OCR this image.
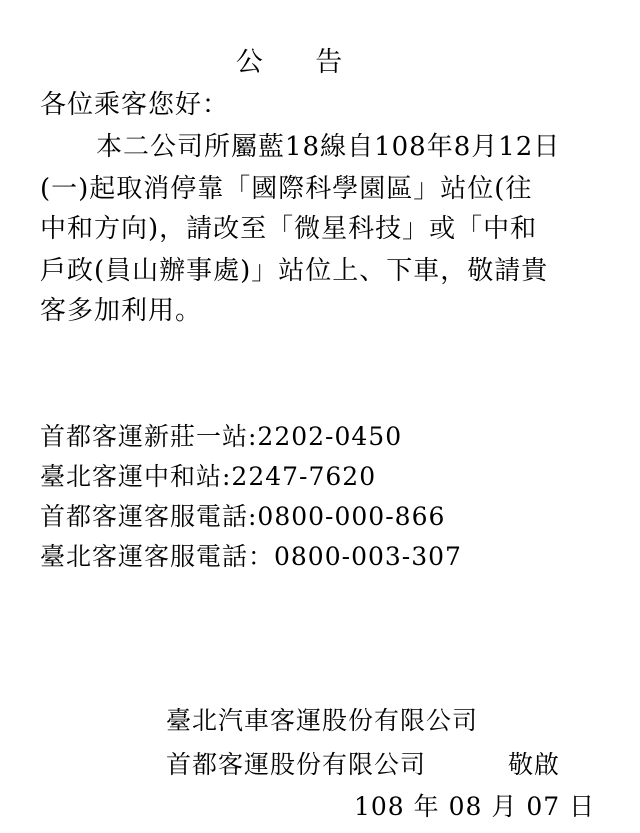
公 告
各位乘客您好：
本二公司所屬藍18線自108年8月12日
(一)起取消停靠「國際科學園區」站位(往
中和方向)，請改至「微星科技」或「中和
戶政(員山辦事處)」站位上、下車，敬請貴
客多加利用。
首都客運新莊一站:2202-0450
臺北客運中和站:2247-7620
首都客運客服電話:0800-000-866
臺北客運客服電話：0800-003-307
臺北汽車客運股份有限公司
首都客運股份有限公司	敬啟
108 年 08 月 07 日
